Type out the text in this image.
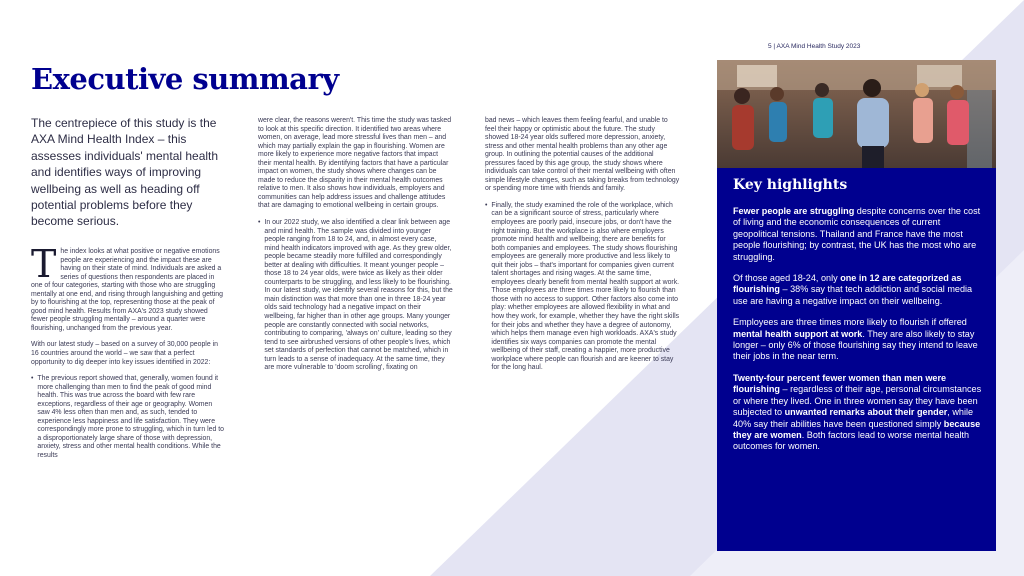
5 | AXA Mind Health Study 2023
Executive summary

The centrepiece of this study is the AXA Mind Health Index – this assesses individuals' mental health and identifies ways of improving wellbeing as well as heading off potential problems before they become serious.

The index looks at what positive or negative emotions people are experiencing and the impact these are having on their state of mind. Individuals are asked a series of questions then respondents are placed in one of four categories, starting with those who are struggling mentally at one end, and rising through languishing and getting by to flourishing at the top, representing those at the peak of good mind health. Results from AXA's 2023 study showed fewer people struggling mentally – around a quarter were flourishing, unchanged from the previous year.

With our latest study – based on a survey of 30,000 people in 16 countries around the world – we saw that a perfect opportunity to dig deeper into key issues identified in 2022:

• The previous report showed that, generally, women found it more challenging than men to find the peak of good mind health. This was true across the board with few rare exceptions, regardless of their age or geography. Women saw 4% less often than men and, as such, tended to experience less happiness and life satisfaction. They were correspondingly more prone to struggling, which in turn led to a disproportionately large share of those with depression, anxiety, stress and other mental health conditions. While the results

were clear, the reasons weren't. This time the study was tasked to look at this specific direction. It identified two areas where women, on average, lead more stressful lives than men – and which may partially explain the gap in flourishing. Women are more likely to experience more negative factors that impact their mental health. By identifying factors that have a particular impact on women, the study shows where changes can be made to reduce the disparity in their mental health outcomes relative to men. It also shows how individuals, employers and communities can help address issues and challenge attitudes that are damaging to emotional wellbeing in certain groups.

• In our 2022 study, we also identified a clear link between age and mind health. The sample was divided into younger people ranging from 18 to 24, and, in almost every case, mind health indicators improved with age. As they grew older, people became steadily more fulfilled and correspondingly better at dealing with difficulties. It meant younger people – those 18 to 24 year olds, were twice as likely as their older counterparts to be struggling, and less likely to be flourishing. In our latest study, we identify several reasons for this, but the main distinction was that more than one in three 18-24 year olds said technology had a negative impact on their wellbeing, far higher than in other age groups. Many younger people are constantly connected with social networks, contributing to comparing, 'always on' culture, leading so they tend to see airbrushed versions of other people's lives, which set standards of perfection that cannot be matched, which in turn leads to a sense of inadequacy. At the same time, they are more vulnerable to 'doom scrolling', fixating on

bad news – which leaves them feeling fearful, and unable to feel their happy or optimistic about the future. The study showed 18-24 year olds suffered more depression, anxiety, stress and other mental health problems than any other age group. In outlining the potential causes of the additional pressures faced by this age group, the study shows where individuals can take control of their mental wellbeing with often simple lifestyle changes, such as taking breaks from technology or spending more time with friends and family.

• Finally, the study examined the role of the workplace, which can be a significant source of stress, particularly where employees are poorly paid, insecure jobs, or don't have the right training. But the workplace is also where employers promote mind health and wellbeing; there are benefits for both companies and employees. The study shows flourishing employees are generally more productive and less likely to quit their jobs – that's important for companies given current talent shortages and rising wages. At the same time, employees clearly benefit from mental health support at work. Those employees are three times more likely to flourish than those with no access to support. Other factors also come into play: whether employees are allowed flexibility in what and how they work, for example, whether they have the right skills for their jobs and whether they have a degree of autonomy, which helps them manage even high workloads. AXA's study identifies six ways companies can promote the mental wellbeing of their staff, creating a happier, more productive workplace where people can flourish and are keener to stay for the long haul.
Key highlights

Fewer people are struggling despite concerns over the cost of living and the economic consequences of current geopolitical tensions. Thailand and France have the most people flourishing; by contrast, the UK has the most who are struggling.

Of those aged 18-24, only one in 12 are categorized as flourishing – 38% say that tech addiction and social media use are having a negative impact on their wellbeing.

Employees are three times more likely to flourish if offered mental health support at work. They are also likely to stay longer – only 6% of those flourishing say they intend to leave their jobs in the near term.

Twenty-four percent fewer women than men were flourishing – regardless of their age, personal circumstances or where they lived. One in three women say they have been subjected to unwanted remarks about their gender, while 40% say their abilities have been questioned simply because they are women. Both factors lead to worse mental health outcomes for women.
